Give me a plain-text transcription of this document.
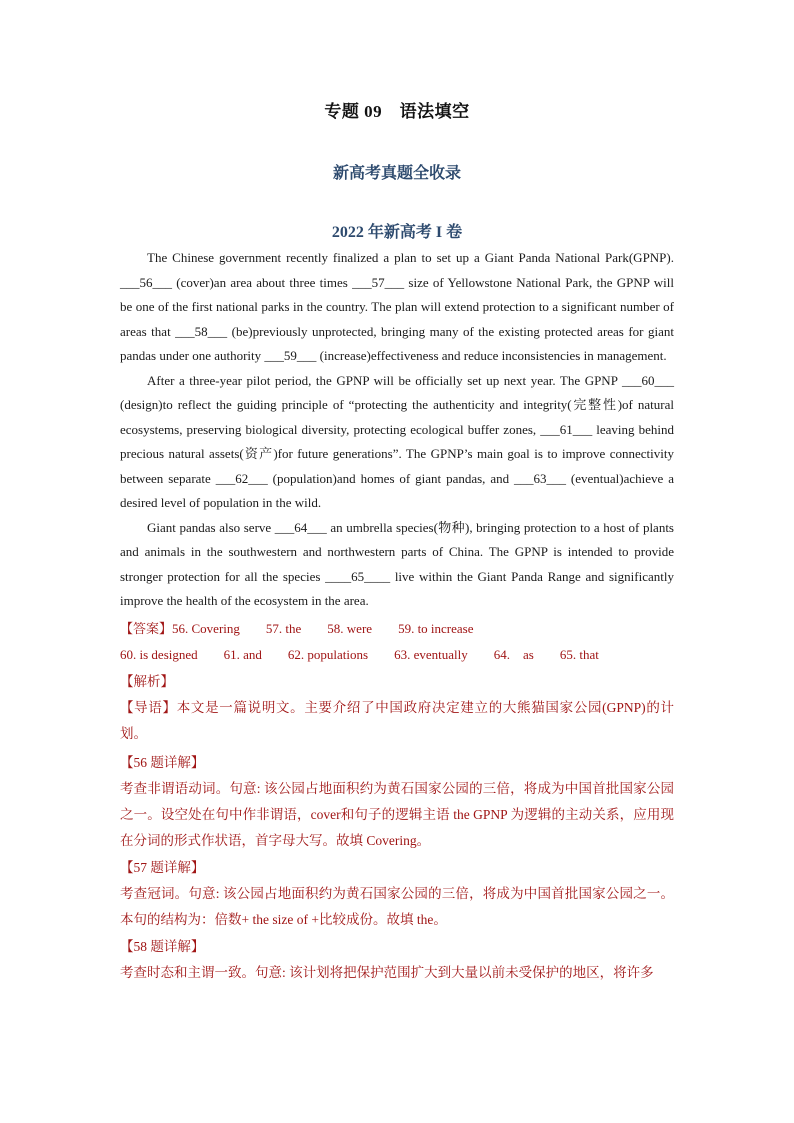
专题 09　语法填空
新高考真题全收录
2022 年新高考 I 卷

The Chinese government recently finalized a plan to set up a Giant Panda National Park(GPNP). ___56___ (cover)an area about three times ___57___ size of Yellowstone National Park, the GPNP will be one of the first national parks in the country. The plan will extend protection to a significant number of areas that ___58___ (be)previously unprotected, bringing many of the existing protected areas for giant pandas under one authority ___59___ (increase)effectiveness and reduce inconsistencies in management.

After a three-year pilot period, the GPNP will be officially set up next year. The GPNP ___60___ (design)to reflect the guiding principle of “protecting the authenticity and integrity(完整性)of natural ecosystems, preserving biological diversity, protecting ecological buffer zones, ___61___ leaving behind precious natural assets(资产)for future generations”. The GPNP’s main goal is to improve connectivity between separate ___62___ (population)and homes of giant pandas, and ___63___ (eventual)achieve a desired level of population in the wild.

Giant pandas also serve ___64___ an umbrella species(物种), bringing protection to a host of plants and animals in the southwestern and northwestern parts of China. The GPNP is intended to provide stronger protection for all the species ____65____ live within the Giant Panda Range and significantly improve the health of the ecosystem in the area.

【答案】56. Covering 57. the 58. were 59. to increase

60. is designed 61. and 62. populations 63. eventually 64.　as 65. that

【解析】

【导语】本文是一篇说明文。主要介绍了中国政府决定建立的大熊猫国家公园(GPNP)的计划。

【56 题详解】

考查非谓语动词。句意: 该公园占地面积约为黄石国家公园的三倍，将成为中国首批国家公园之一。设空处在句中作非谓语，cover和句子的逻辑主语 the GPNP 为逻辑的主动关系，应用现在分词的形式作状语，首字母大写。故填 Covering。

【57 题详解】

考查冠词。句意: 该公园占地面积约为黄石国家公园的三倍，将成为中国首批国家公园之一。本句的结构为：倍数+ the size of +比较成份。故填 the。

【58 题详解】

考查时态和主谓一致。句意: 该计划将把保护范围扩大到大量以前未受保护的地区，将许多
